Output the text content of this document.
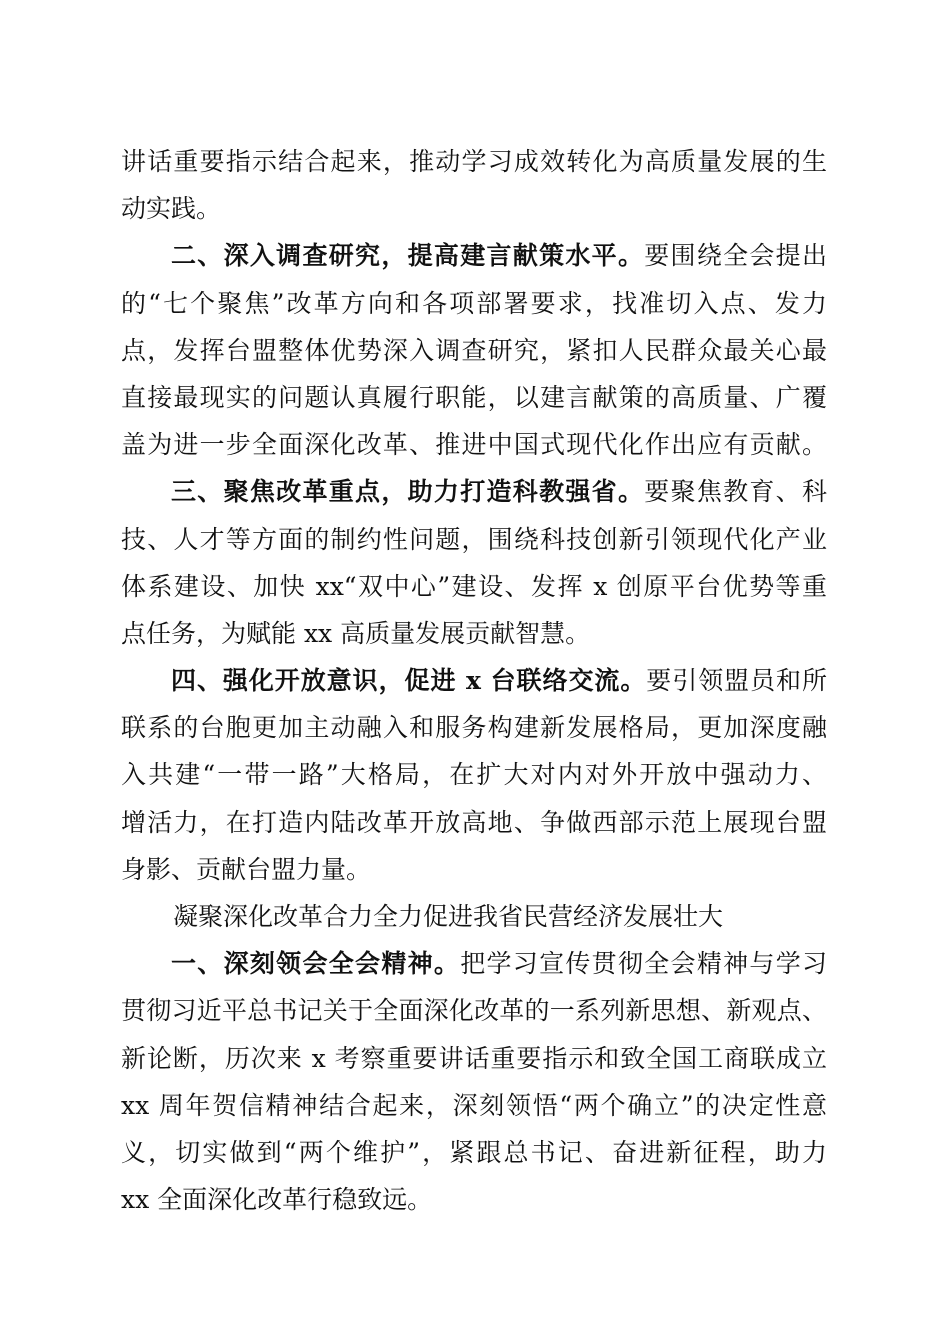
讲话重要指示结合起来，推动学习成效转化为高质量发展的生
动实践。
二、深入调查研究，提高建言献策水平。要围绕全会提出
的“七个聚焦”改革方向和各项部署要求，找准切入点、发力
点，发挥台盟整体优势深入调查研究，紧扣人民群众最关心最
直接最现实的问题认真履行职能，以建言献策的高质量、广覆
盖为进一步全面深化改革、推进中国式现代化作出应有贡献。
三、聚焦改革重点，助力打造科教强省。要聚焦教育、科
技、人才等方面的制约性问题，围绕科技创新引领现代化产业
体系建设、加快 xx“双中心”建设、发挥 x 创原平台优势等重
点任务，为赋能 xx 高质量发展贡献智慧。
四、强化开放意识，促进 x 台联络交流。要引领盟员和所
联系的台胞更加主动融入和服务构建新发展格局，更加深度融
入共建“一带一路”大格局，在扩大对内对外开放中强动力、
增活力，在打造内陆改革开放高地、争做西部示范上展现台盟
身影、贡献台盟力量。
凝聚深化改革合力全力促进我省民营经济发展壮大
一、深刻领会全会精神。把学习宣传贯彻全会精神与学习
贯彻习近平总书记关于全面深化改革的一系列新思想、新观点、
新论断，历次来 x 考察重要讲话重要指示和致全国工商联成立
xx 周年贺信精神结合起来，深刻领悟“两个确立”的决定性意
义，切实做到“两个维护”，紧跟总书记、奋进新征程，助力
xx 全面深化改革行稳致远。
